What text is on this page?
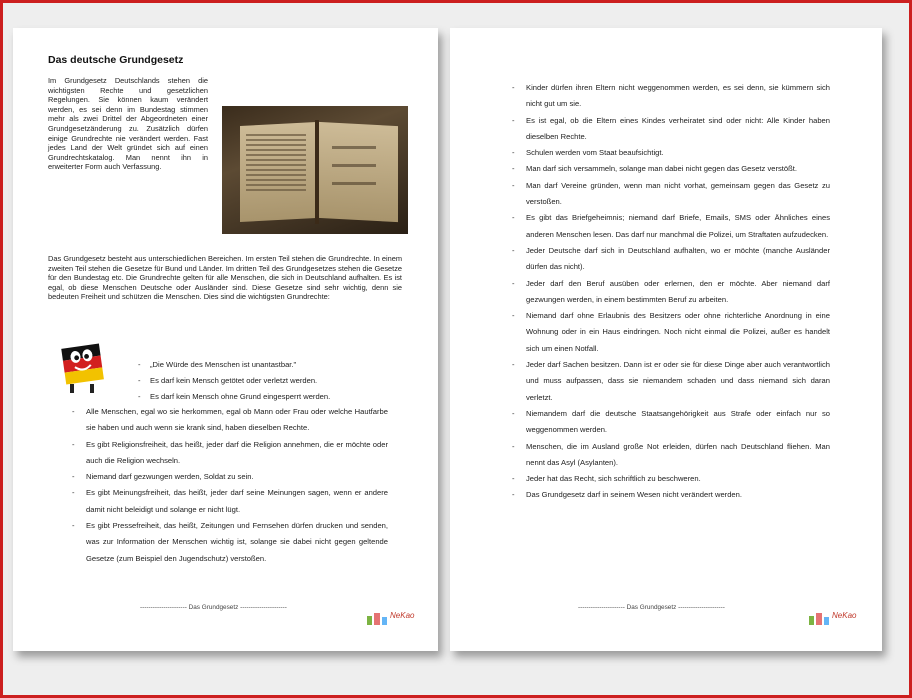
Das deutsche Grundgesetz

Im Grundgesetz Deutschlands stehen die wichtigsten Rechte und gesetzlichen Regelungen. Sie können kaum verändert werden, es sei denn im Bundestag stimmen mehr als zwei Drittel der Abgeordneten einer Grundgesetzänderung zu. Zusätzlich dürfen einige Grundrechte nie verändert werden. Fast jedes Land der Welt gründet sich auf einen Grundrechtskatalog. Man nennt ihn in erweiterter Form auch Verfassung.

Das Grundgesetz besteht aus unterschiedlichen Bereichen. Im ersten Teil stehen die Grundrechte. In einem zweiten Teil stehen die Gesetze für Bund und Länder. Im dritten Teil des Grundgesetzes stehen die Gesetze für den Bundestag etc. Die Grundrechte gelten für alle Menschen, die sich in Deutschland aufhalten. Es ist egal, ob diese Menschen Deutsche oder Ausländer sind. Diese Gesetze sind sehr wichtig, denn sie bedeuten Freiheit und schützen die Menschen. Dies sind die wichtigsten Grundrechte:

- „Die Würde des Menschen ist unantastbar."
- Es darf kein Mensch getötet oder verletzt werden.
- Es darf kein Mensch ohne Grund eingesperrt werden.
- Alle Menschen, egal wo sie herkommen, egal ob Mann oder Frau oder welche Hautfarbe sie haben und auch wenn sie krank sind, haben dieselben Rechte.
- Es gibt Religionsfreiheit, das heißt, jeder darf die Religion annehmen, die er möchte oder auch die Religion wechseln.
- Niemand darf gezwungen werden, Soldat zu sein.
- Es gibt Meinungsfreiheit, das heißt, jeder darf seine Meinungen sagen, wenn er andere damit nicht beleidigt und solange er nicht lügt.
- Es gibt Pressefreiheit, das heißt, Zeitungen und Fernsehen dürfen drucken und senden, was zur Information der Menschen wichtig ist, solange sie dabei nicht gegen geltende Gesetze (zum Beispiel den Jugendschutz) verstoßen.
---------------------- Das Grundgesetz ----------------------
NeKao
- Kinder dürfen ihren Eltern nicht weggenommen werden, es sei denn, sie kümmern sich nicht gut um sie.
- Es ist egal, ob die Eltern eines Kindes verheiratet sind oder nicht: Alle Kinder haben dieselben Rechte.
- Schulen werden vom Staat beaufsichtigt.
- Man darf sich versammeln, solange man dabei nicht gegen das Gesetz verstößt.
- Man darf Vereine gründen, wenn man nicht vorhat, gemeinsam gegen das Gesetz zu verstoßen.
- Es gibt das Briefgeheimnis; niemand darf Briefe, Emails, SMS oder Ähnliches eines anderen Menschen lesen. Das darf nur manchmal die Polizei, um Straftaten aufzudecken.
- Jeder Deutsche darf sich in Deutschland aufhalten, wo er möchte (manche Ausländer dürfen das nicht).
- Jeder darf den Beruf ausüben oder erlernen, den er möchte. Aber niemand darf gezwungen werden, in einem bestimmten Beruf zu arbeiten.
- Niemand darf ohne Erlaubnis des Besitzers oder ohne richterliche Anordnung in eine Wohnung oder in ein Haus eindringen. Noch nicht einmal die Polizei, außer es handelt sich um einen Notfall.
- Jeder darf Sachen besitzen. Dann ist er oder sie für diese Dinge aber auch verantwortlich und muss aufpassen, dass sie niemandem schaden und dass niemand sich daran verletzt.
- Niemandem darf die deutsche Staatsangehörigkeit aus Strafe oder einfach nur so weggenommen werden.
- Menschen, die im Ausland große Not erleiden, dürfen nach Deutschland fliehen. Man nennt das Asyl (Asylanten).
- Jeder hat das Recht, sich schriftlich zu beschweren.
- Das Grundgesetz darf in seinem Wesen nicht verändert werden.
---------------------- Das Grundgesetz ----------------------
NeKao
